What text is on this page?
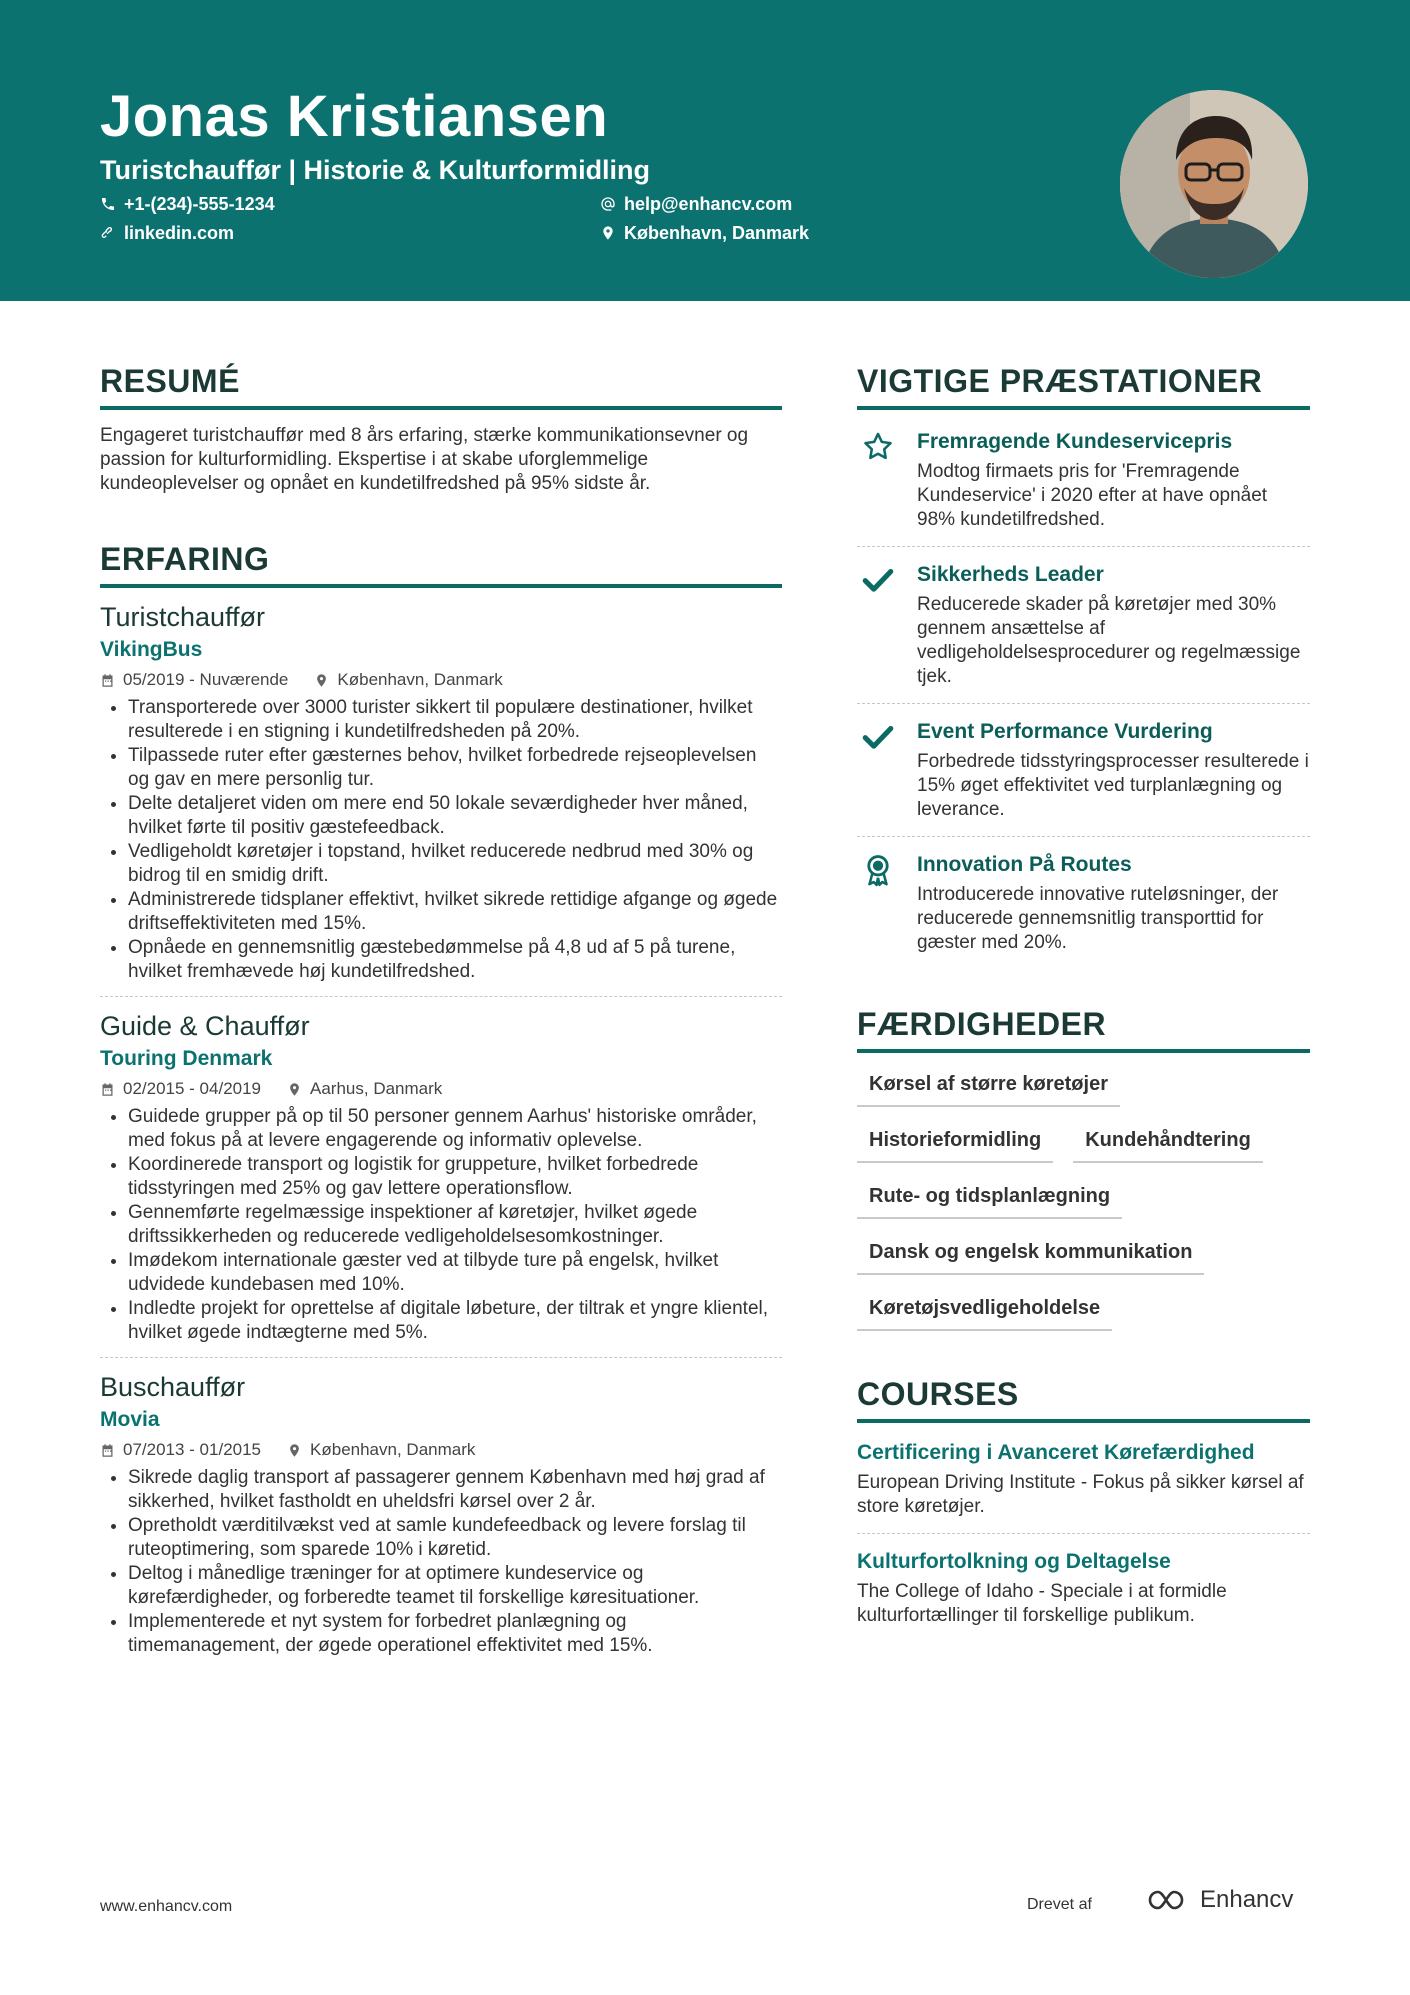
Jonas Kristiansen
Turistchauffør | Historie & Kulturformidling
+1-(234)-555-1234	help@enhancv.com
linkedin.com	København, Danmark
RESUMÉ
Engageret turistchauffør med 8 års erfaring, stærke kommunikationsevner og passion for kulturformidling. Ekspertise i at skabe uforglemmelige kundeoplevelser og opnået en kundetilfredshed på 95% sidste år.
ERFARING
Turistchauffør
VikingBus
05/2019 - Nuværende	København, Danmark
• Transporterede over 3000 turister sikkert til populære destinationer, hvilket resulterede i en stigning i kundetilfredsheden på 20%.
• Tilpassede ruter efter gæsternes behov, hvilket forbedrede rejseoplevelsen og gav en mere personlig tur.
• Delte detaljeret viden om mere end 50 lokale seværdigheder hver måned, hvilket førte til positiv gæstefeedback.
• Vedligeholdt køretøjer i topstand, hvilket reducerede nedbrud med 30% og bidrog til en smidig drift.
• Administrerede tidsplaner effektivt, hvilket sikrede rettidige afgange og øgede driftseffektiviteten med 15%.
• Opnåede en gennemsnitlig gæstebedømmelse på 4,8 ud af 5 på turene, hvilket fremhævede høj kundetilfredshed.
Guide & Chauffør
Touring Denmark
02/2015 - 04/2019	Aarhus, Danmark
• Guidede grupper på op til 50 personer gennem Aarhus' historiske områder, med fokus på at levere engagerende og informativ oplevelse.
• Koordinerede transport og logistik for gruppeture, hvilket forbedrede tidsstyringen med 25% og gav lettere operationsflow.
• Gennemførte regelmæssige inspektioner af køretøjer, hvilket øgede driftssikkerheden og reducerede vedligeholdelsesomkostninger.
• Imødekom internationale gæster ved at tilbyde ture på engelsk, hvilket udvidede kundebasen med 10%.
• Indledte projekt for oprettelse af digitale løbeture, der tiltrak et yngre klientel, hvilket øgede indtægterne med 5%.
Buschauffør
Movia
07/2013 - 01/2015	København, Danmark
• Sikrede daglig transport af passagerer gennem København med høj grad af sikkerhed, hvilket fastholdt en uheldsfri kørsel over 2 år.
• Opretholdt værditilvækst ved at samle kundefeedback og levere forslag til ruteoptimering, som sparede 10% i køretid.
• Deltog i månedlige træninger for at optimere kundeservice og kørefærdigheder, og forberedte teamet til forskellige køresituationer.
• Implementerede et nyt system for forbedret planlægning og timemanagement, der øgede operationel effektivitet med 15%.
VIGTIGE PRÆSTATIONER
Fremragende Kundeservicepris
Modtog firmaets pris for 'Fremragende Kundeservice' i 2020 efter at have opnået 98% kundetilfredshed.
Sikkerheds Leader
Reducerede skader på køretøjer med 30% gennem ansættelse af vedligeholdelsesprocedurer og regelmæssige tjek.
Event Performance Vurdering
Forbedrede tidsstyringsprocesser resulterede i 15% øget effektivitet ved turplanlægning og leverance.
Innovation På Routes
Introducerede innovative ruteløsninger, der reducerede gennemsnitlig transporttid for gæster med 20%.
FÆRDIGHEDER
Kørsel af større køretøjer
Historieformidling	Kundehåndtering
Rute- og tidsplanlægning
Dansk og engelsk kommunikation
Køretøjsvedligeholdelse
COURSES
Certificering i Avanceret Kørefærdighed
European Driving Institute - Fokus på sikker kørsel af store køretøjer.
Kulturfortolkning og Deltagelse
The College of Idaho - Speciale i at formidle kulturfortællinger til forskellige publikum.
www.enhancv.com	Drevet af	Enhancv
